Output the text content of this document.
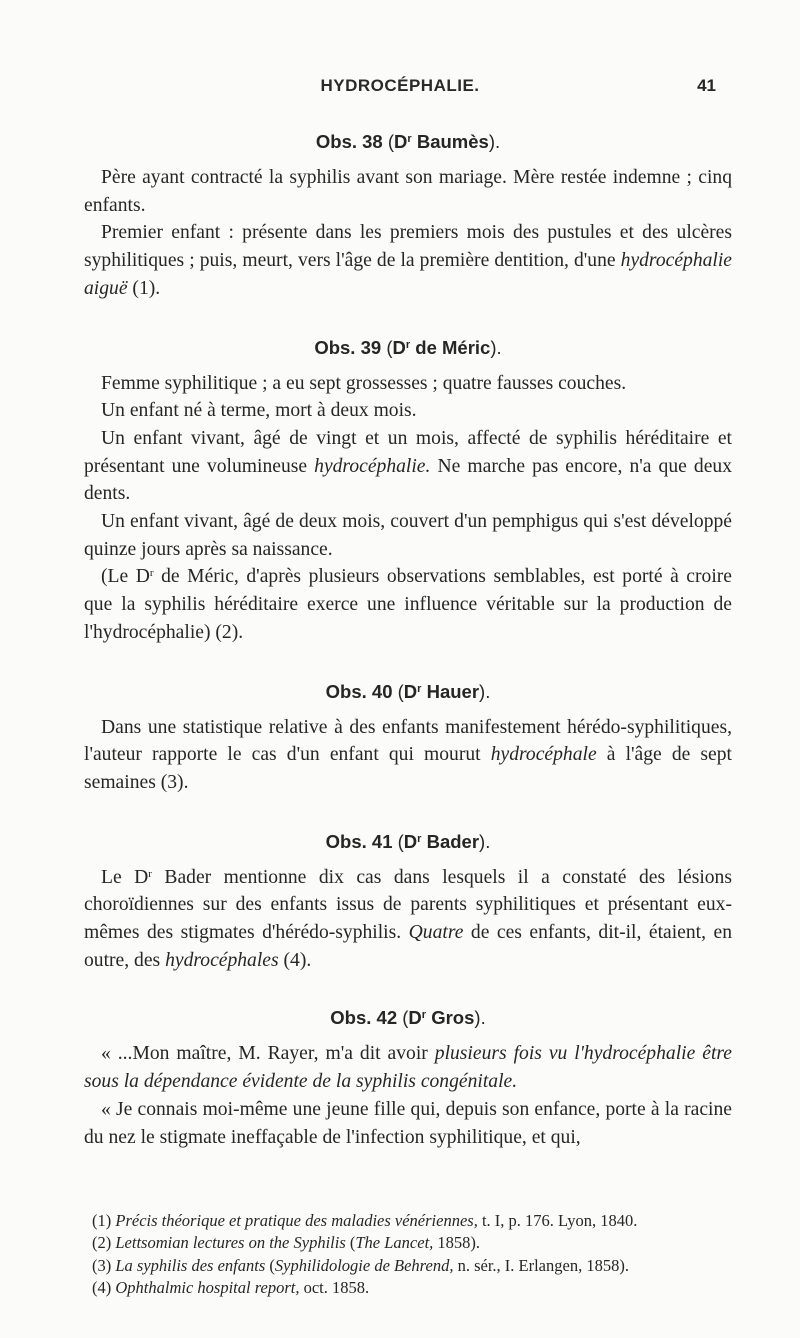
HYDROCÉPHALIE.	41
Obs. 38 ($D^r$ Baumès).

Père ayant contracté la syphilis avant son mariage. Mère restée indemne ; cinq enfants.

Premier enfant : présente dans les premiers mois des pustules et des ulcères syphilitiques ; puis, meurt, vers l'âge de la première dentition, d'une hydrocéphalie aiguë (1).

Obs. 39 ($D^r$ de Méric).

Femme syphilitique ; a eu sept grossesses ; quatre fausses couches.

Un enfant né à terme, mort à deux mois.

Un enfant vivant, âgé de vingt et un mois, affecté de syphilis héréditaire et présentant une volumineuse hydrocéphalie. Ne marche pas encore, n'a que deux dents.

Un enfant vivant, âgé de deux mois, couvert d'un pemphigus qui s'est développé quinze jours après sa naissance.

(Le $D^r$ de Méric, d'après plusieurs observations semblables, est porté à croire que la syphilis héréditaire exerce une influence véritable sur la production de l'hydrocéphalie) (2).

Obs. 40 ($D^r$ Hauer).

Dans une statistique relative à des enfants manifestement hérédo-syphilitiques, l'auteur rapporte le cas d'un enfant qui mourut hydrocéphale à l'âge de sept semaines (3).

Obs. 41 ($D^r$ Bader).

Le $D^r$ Bader mentionne dix cas dans lesquels il a constaté des lésions choroïdiennes sur des enfants issus de parents syphilitiques et présentant eux-mêmes des stigmates d'hérédo-syphilis. Quatre de ces enfants, dit-il, étaient, en outre, des hydrocéphales (4).

Obs. 42 ($D^r$ Gros).

« ...Mon maître, M. Rayer, m'a dit avoir plusieurs fois vu l'hydrocéphalie être sous la dépendance évidente de la syphilis congénitale.

« Je connais moi-même une jeune fille qui, depuis son enfance, porte à la racine du nez le stigmate ineffaçable de l'infection syphilitique, et qui,

(1) Précis théorique et pratique des maladies vénériennes, t. I, p. 176. Lyon, 1840.

(2) Lettsomian lectures on the Syphilis (The Lancet, 1858).

(3) La syphilis des enfants (Syphilidologie de Behrend, n. sér., I. Erlangen, 1858).

(4) Ophthalmic hospital report, oct. 1858.
